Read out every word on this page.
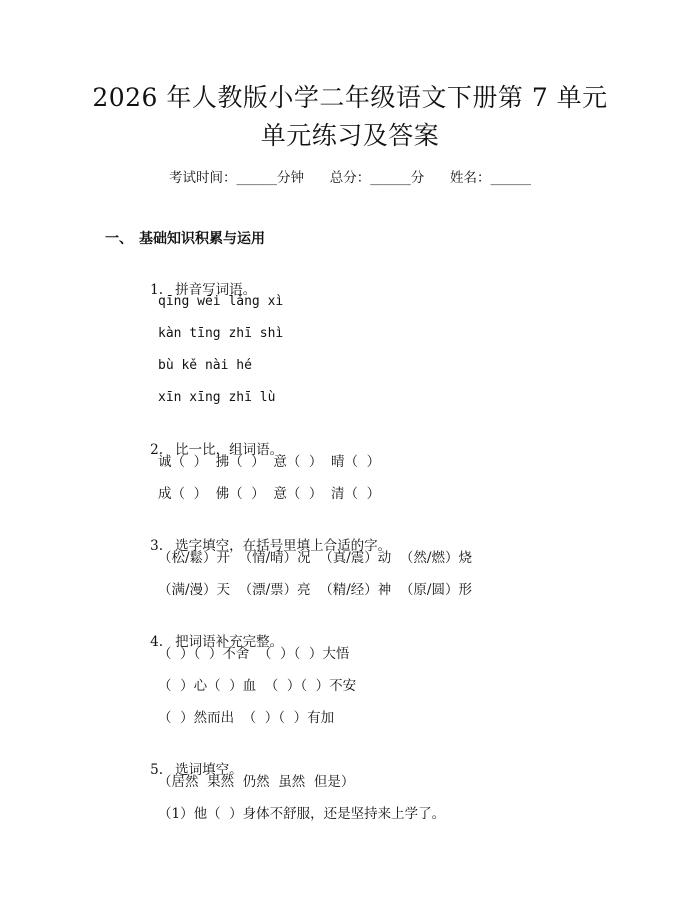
2026 年人教版小学二年级语文下册第 7 单元
单元练习及答案
考试时间：______分钟      总分：______分      姓名：______
一、 基础知识积累与运用

1. 拼音写词语。

qīng wēi lǎng xì
kàn tīng zhī shì
bù kě nài hé
xīn xīng zhī lù

2. 比一比，组词语。

诚（  ）  拂（  ）  意（  ）  晴（  ）
成（  ）  佛（  ）  意（  ）  清（  ）

3. 选字填空，在括号里填上合适的字。

（松/鬆）开  （情/晴）况  （真/震）动  （然/燃）烧
（满/漫）天  （漂/票）亮  （精/经）神  （原/圆）形

4. 把词语补充完整。

（  ）（  ）不舍  （  ）（  ）大悟
（  ）心（  ）血  （  ）（  ）不安
（  ）然而出  （  ）（  ）有加

5. 选词填空。

（居然  果然  仍然  虽然  但是）
（1）他（  ）身体不舒服，还是坚持来上学了。
